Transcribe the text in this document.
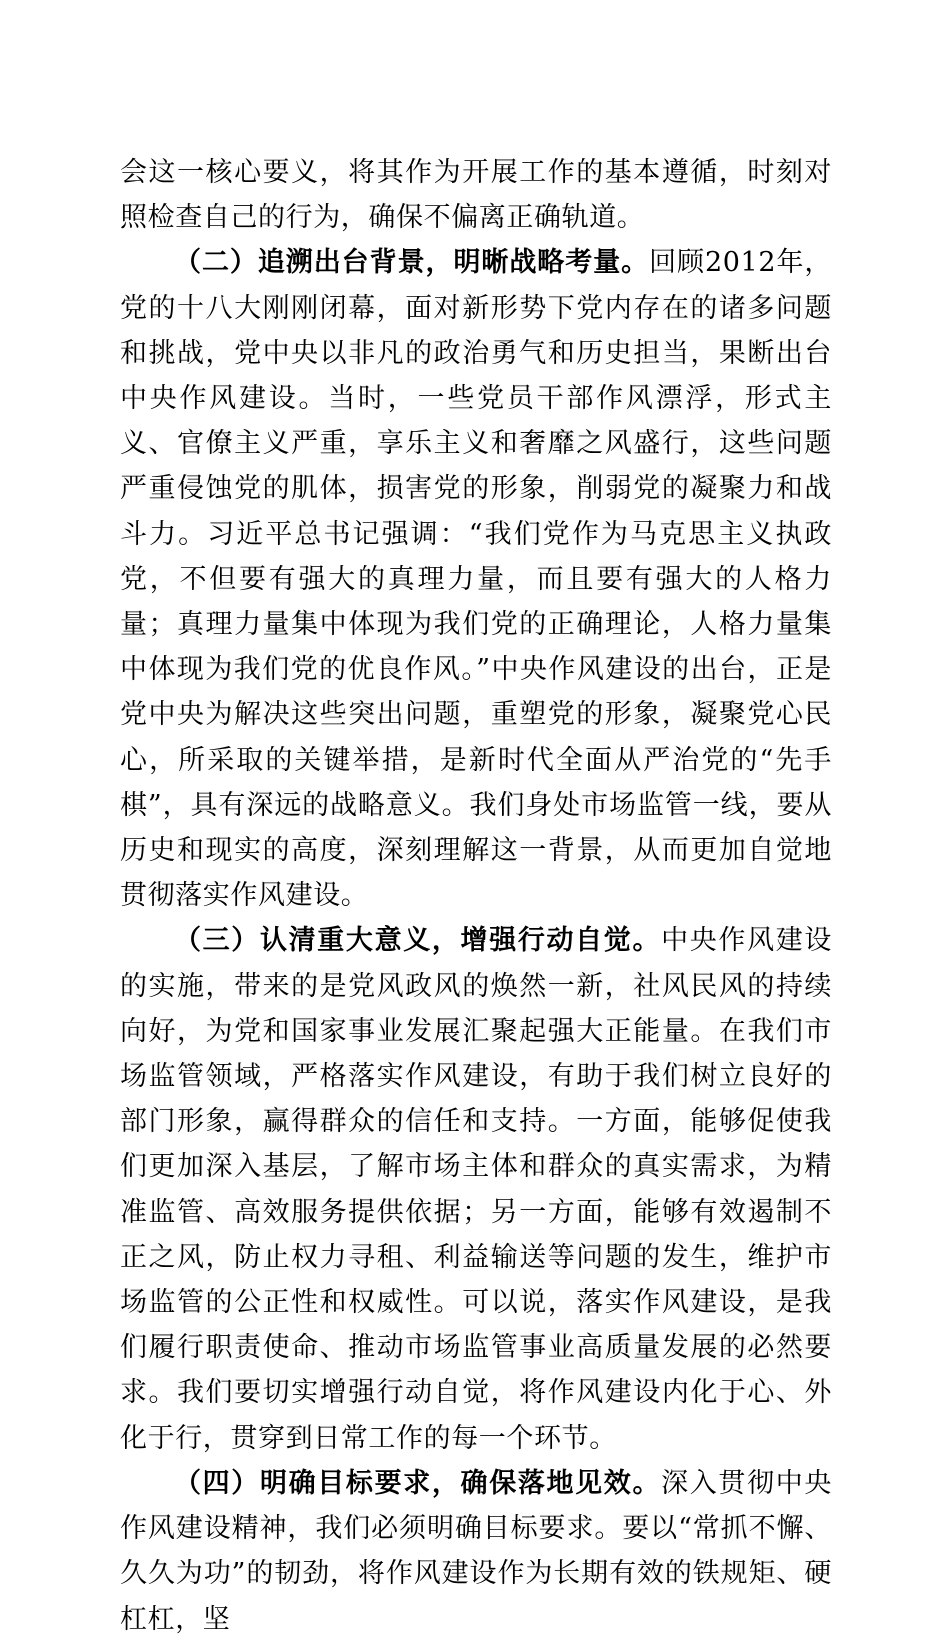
会这一核心要义，将其作为开展工作的基本遵循，时刻对照检查自己的行为，确保不偏离正确轨道。

（二）追溯出台背景，明晰战略考量。回顾2012年，党的十八大刚刚闭幕，面对新形势下党内存在的诸多问题和挑战，党中央以非凡的政治勇气和历史担当，果断出台中央作风建设。当时，一些党员干部作风漂浮，形式主义、官僚主义严重，享乐主义和奢靡之风盛行，这些问题严重侵蚀党的肌体，损害党的形象，削弱党的凝聚力和战斗力。习近平总书记强调：“我们党作为马克思主义执政党，不但要有强大的真理力量，而且要有强大的人格力量；真理力量集中体现为我们党的正确理论，人格力量集中体现为我们党的优良作风。”中央作风建设的出台，正是党中央为解决这些突出问题，重塑党的形象，凝聚党心民心，所采取的关键举措，是新时代全面从严治党的“先手棋”，具有深远的战略意义。我们身处市场监管一线，要从历史和现实的高度，深刻理解这一背景，从而更加自觉地贯彻落实作风建设。

（三）认清重大意义，增强行动自觉。中央作风建设的实施，带来的是党风政风的焕然一新，社风民风的持续向好，为党和国家事业发展汇聚起强大正能量。在我们市场监管领域，严格落实作风建设，有助于我们树立良好的部门形象，赢得群众的信任和支持。一方面，能够促使我们更加深入基层，了解市场主体和群众的真实需求，为精准监管、高效服务提供依据；另一方面，能够有效遏制不正之风，防止权力寻租、利益输送等问题的发生，维护市场监管的公正性和权威性。可以说，落实作风建设，是我们履行职责使命、推动市场监管事业高质量发展的必然要求。我们要切实增强行动自觉，将作风建设内化于心、外化于行，贯穿到日常工作的每一个环节。

（四）明确目标要求，确保落地见效。深入贯彻中央作风建设精神，我们必须明确目标要求。要以“常抓不懈、久久为功”的韧劲，将作风建设作为长期有效的铁规矩、硬杠杠，坚
